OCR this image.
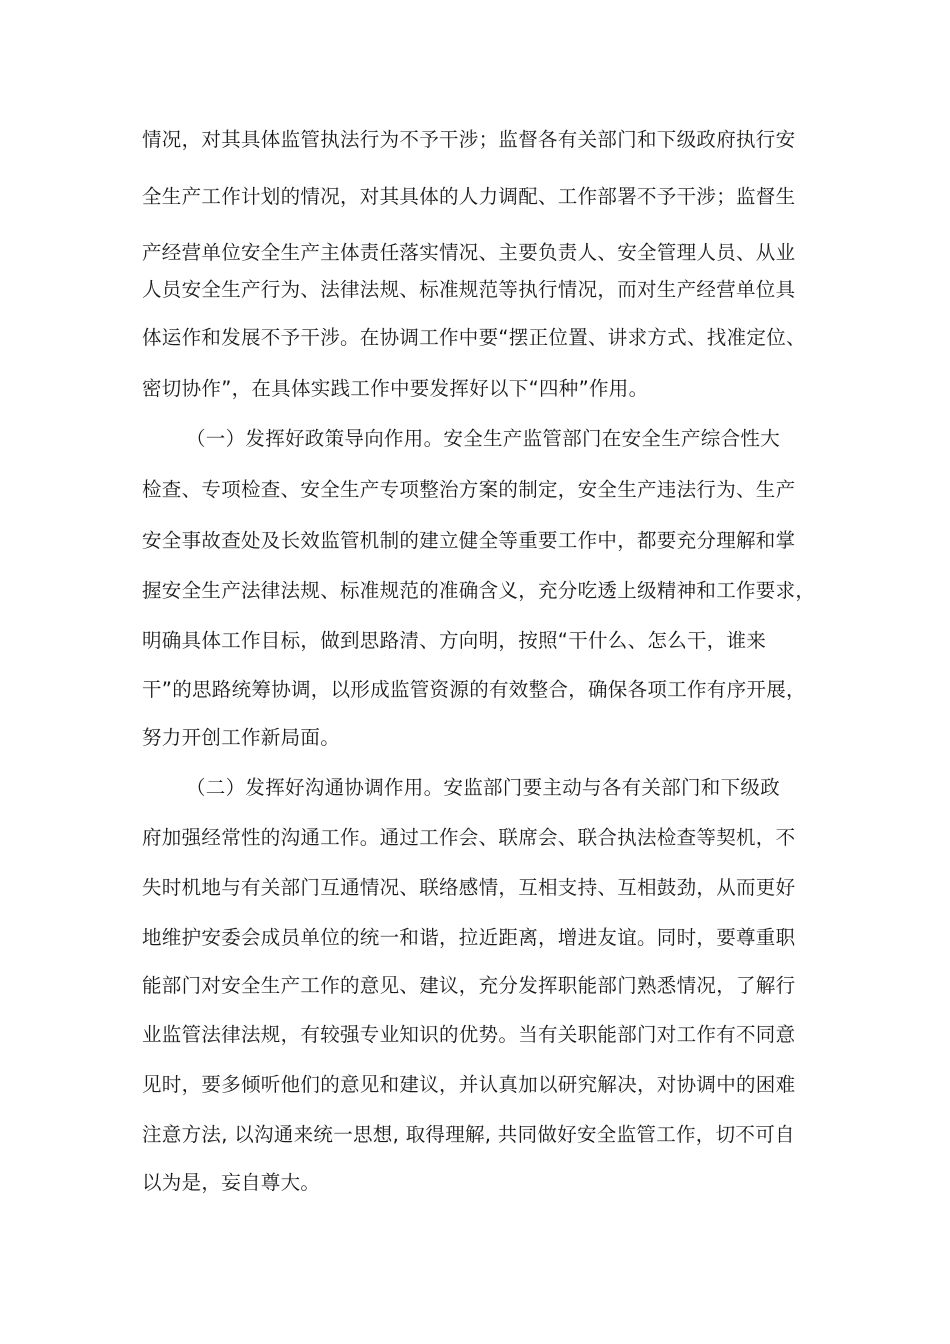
情况，对其具体监管执法行为不予干涉；监督各有关部门和下级政府执行安
全生产工作计划的情况，对其具体的人力调配、工作部署不予干涉；监督生
产经营单位安全生产主体责任落实情况、主要负责人、安全管理人员、从业
人员安全生产行为、法律法规、标准规范等执行情况，而对生产经营单位具
体运作和发展不予干涉。在协调工作中要“摆正位置、讲求方式、找准定位、
密切协作”，在具体实践工作中要发挥好以下“四种”作用。
（一）发挥好政策导向作用。安全生产监管部门在安全生产综合性大
检查、专项检查、安全生产专项整治方案的制定，安全生产违法行为、生产
安全事故查处及长效监管机制的建立健全等重要工作中，都要充分理解和掌
握安全生产法律法规、标准规范的准确含义，充分吃透上级精神和工作要求，
明确具体工作目标，做到思路清、方向明，按照“干什么、怎么干，谁来
干”的思路统筹协调，以形成监管资源的有效整合，确保各项工作有序开展，
努力开创工作新局面。
（二）发挥好沟通协调作用。安监部门要主动与各有关部门和下级政
府加强经常性的沟通工作。通过工作会、联席会、联合执法检查等契机，不
失时机地与有关部门互通情况、联络感情，互相支持、互相鼓劲，从而更好
地维护安委会成员单位的统一和谐，拉近距离，增进友谊。同时，要尊重职
能部门对安全生产工作的意见、建议，充分发挥职能部门熟悉情况，了解行
业监管法律法规，有较强专业知识的优势。当有关职能部门对工作有不同意
见时，要多倾听他们的意见和建议，并认真加以研究解决，对协调中的困难
注意方法, 以沟通来统一思想, 取得理解, 共同做好安全监管工作，切不可自
以为是，妄自尊大。
